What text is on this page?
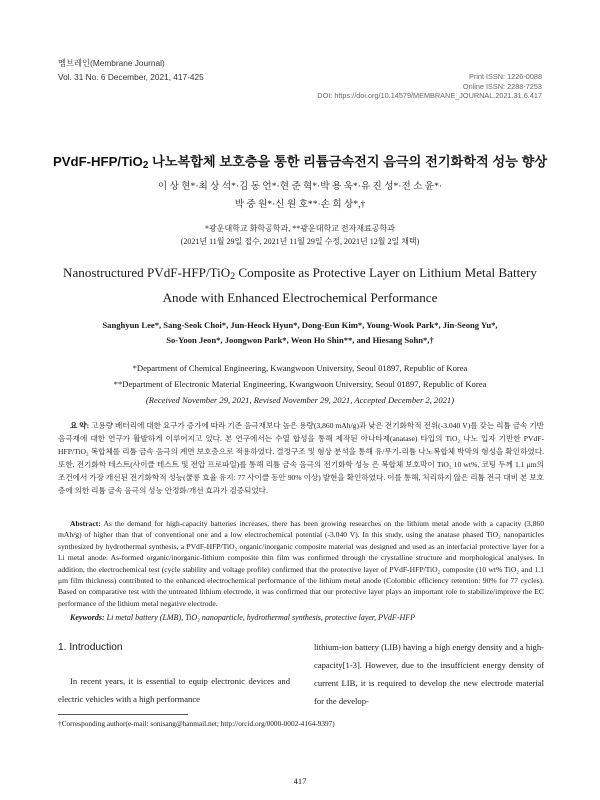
멤브레인(Membrane Journal)
Vol. 31 No. 6 December, 2021, 417-425	Print ISSN: 1226-0088
Online ISSN: 2288-7253
DOI: https://doi.org/10.14579/MEMBRANE_JOURNAL.2021.31.6.417
PVdF-HFP/TiO2 나노복합체 보호층을 통한 리튬금속전지 음극의 전기화학적 성능 향상
이 상 현*·최 상 석*·김 동 언*·현 준 혁*·박 용 욱*·유 진 성*·전 소 윤*·
박 중 원*·신 원 호**·손 희 상*,†
*광운대학교 화학공학과, **광운대학교 전자재료공학과
(2021년 11월 29일 접수, 2021년 11월 29일 수정, 2021년 12월 2일 채택)
Nanostructured PVdF-HFP/TiO$_2$ Composite as Protective Layer on Lithium Metal Battery
Anode with Enhanced Electrochemical Performance
Sanghyun Lee*, Sang-Seok Choi*, Jun-Heock Hyun*, Dong-Eun Kim*, Young-Wook Park*, Jin-Seong Yu*,
So-Yoon Jeon*, Joongwon Park*, Weon Ho Shin**, and Hiesang Sohn*,†
*Department of Chemical Engineering, Kwangwoon University, Seoul 01897, Republic of Korea
**Department of Electronic Material Engineering, Kwangwoon University, Seoul 01897, Republic of Korea
(Received November 29, 2021, Revised November 29, 2021, Accepted December 2, 2021)
요 약: 고용량 배터리에 대한 요구가 증가에 따라 기존 음극재보다 높은 용량(3,860 mAh/g)과 낮은 전기화학적 전위(-3.040 V)를 갖는 리튬 금속 기반 음극재에 대한 연구가 활발하게 이루어지고 있다. 본 연구에서는 수열 합성을 통해 제작된 아나타제(anatase) 타입의 TiO₂ 나노 입자 기반한 PVdF-HFP/TiO₂ 복합체를 리튬 금속 음극의 계면 보호층으로 적용하였다. 결정구조 및 형상 분석을 통해 유/무기-리튬 나노복합체 박막의 형성을 확인하였다. 또한, 전기화학 테스트(사이클 테스트 및 전압 프로파일)를 통해 리튬 금속 음극의 전기화학 성능 은 복합체 보호막이 TiO₂ 10 wt%, 코팅 두께 1.1 μm의 조건에서 가장 개선된 전기화학적 성능(쿨롱 효율 유지: 77 사이클 동안 90% 이상) 발현을 확인하였다. 이를 통해, 처리하지 않은 리튬 전극 대비 본 보호층에 의한 리튬 금속 음극의 성능 안정화/개선 효과가 검증되었다.
Abstract: As the demand for high-capacity batteries increases, there has been growing researches on the lithium metal anode with a capacity (3,860 mAh/g) of higher than that of conventional one and a low electrochemical potential (-3.040 V). In this study, using the anatase phased TiO₂ nanoparticles synthesized by hydrothermal synthesis, a PVdF-HFP/TiO₂ organic/inorganic composite material was designed and used as an interfacial protective layer for a Li metal anode. As-formed organic/inorganic-lithium composite thin film was confirmed through the crystalline structure and morphological analyses. In addition, the electrochemical test (cycle stability and voltage profile) confirmed that the protective layer of PVdF-HFP/TiO₂ composite (10 wt% TiO₂ and 1.1 μm film thickness) contributed to the enhanced electrochemical performance of the lithium metal anode (Colombic efficiency retention: 90% for 77 cycles). Based on comparative test with the untreated lithium electrode, it was confirmed that our protective layer plays an important role to stabilize/improve the EC performance of the lithium metal negative electrode.
Keywords: Li metal battery (LMB), TiO₂ nanoparticle, hydrothermal synthesis, protective layer, PVdF-HFP
1. Introduction
In recent years, it is essential to equip electronic devices and electric vehicles with a high performance
lithium-ion battery (LIB) having a high energy density and a high-capacity[1-3]. However, due to the insufficient energy density of current LIB, it is required to develop the new electrode material for the develop-
†Corresponding author(e-mail: sonisang@hanmail.net; http://orcid.org/0000-0002-4164-9397)
417
